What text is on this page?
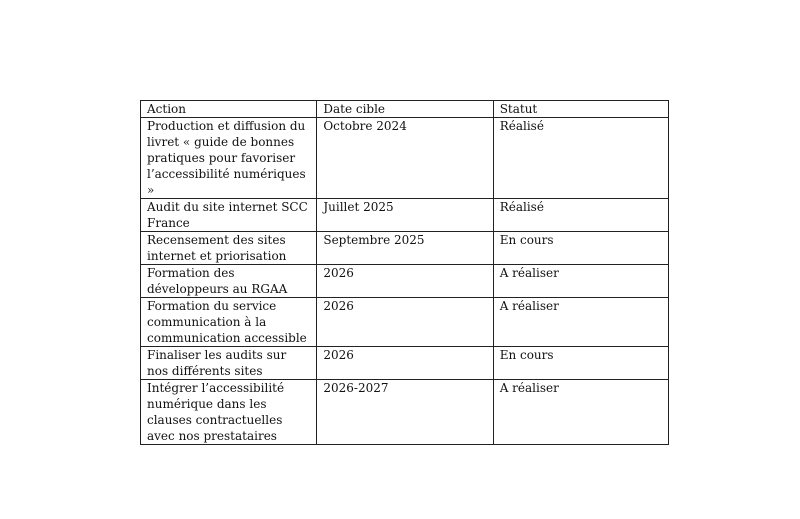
Action	Date cible	Statut
Production et diffusion du livret « guide de bonnes pratiques pour favoriser l’accessibilité numériques »	Octobre 2024	Réalisé
Audit du site internet SCC France	Juillet 2025	Réalisé
Recensement des sites internet et priorisation	Septembre 2025	En cours
Formation des développeurs au RGAA	2026	A réaliser
Formation du service communication à la communication accessible	2026	A réaliser
Finaliser les audits sur nos différents sites	2026	En cours
Intégrer l’accessibilité numérique dans les clauses contractuelles avec nos prestataires	2026-2027	A réaliser
